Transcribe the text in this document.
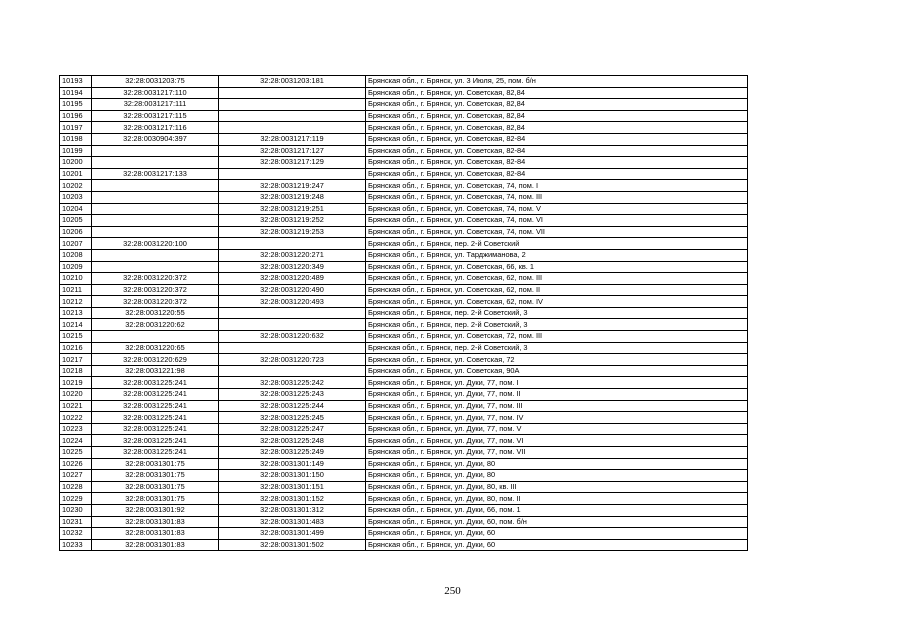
10193	32:28:0031203:75	32:28:0031203:181	Брянская обл., г. Брянск, ул. 3 Июля, 25, пом. б/н
10194	32:28:0031217:110		Брянская обл., г. Брянск, ул. Советская, 82,84
10195	32:28:0031217:111		Брянская обл., г. Брянск, ул. Советская, 82,84
10196	32:28:0031217:115		Брянская обл., г. Брянск, ул. Советская, 82,84
10197	32:28:0031217:116		Брянская обл., г. Брянск, ул. Советская, 82,84
10198	32:28:0030904:397	32:28:0031217:119	Брянская обл., г. Брянск, ул. Советская, 82-84
10199		32:28:0031217:127	Брянская обл., г. Брянск, ул. Советская, 82-84
10200		32:28:0031217:129	Брянская обл., г. Брянск, ул. Советская, 82-84
10201	32:28:0031217:133		Брянская обл., г. Брянск, ул. Советская, 82-84
10202		32:28:0031219:247	Брянская обл., г. Брянск, ул. Советская, 74, пом. I
10203		32:28:0031219:248	Брянская обл., г. Брянск, ул. Советская, 74, пом. III
10204		32:28:0031219:251	Брянская обл., г. Брянск, ул. Советская, 74, пом. V
10205		32:28:0031219:252	Брянская обл., г. Брянск, ул. Советская, 74, пом. VI
10206		32:28:0031219:253	Брянская обл., г. Брянск, ул. Советская, 74, пом. VII
10207	32:28:0031220:100		Брянская обл., г. Брянск, пер. 2-й Советский
10208		32:28:0031220:271	Брянская обл., г. Брянск, ул. Тарджиманова, 2
10209		32:28:0031220:349	Брянская обл., г. Брянск, ул. Советская, 66, кв. 1
10210	32:28:0031220:372	32:28:0031220:489	Брянская обл., г. Брянск, ул. Советская, 62, пом. III
10211	32:28:0031220:372	32:28:0031220:490	Брянская обл., г. Брянск, ул. Советская, 62, пом. II
10212	32:28:0031220:372	32:28:0031220:493	Брянская обл., г. Брянск, ул. Советская, 62, пом. IV
10213	32:28:0031220:55		Брянская обл., г. Брянск, пер. 2-й Советский, 3
10214	32:28:0031220:62		Брянская обл., г. Брянск, пер. 2-й Советский, 3
10215		32:28:0031220:632	Брянская обл., г. Брянск, ул. Советская, 72, пом. III
10216	32:28:0031220:65		Брянская обл., г. Брянск, пер. 2-й Советский, 3
10217	32:28:0031220:629	32:28:0031220:723	Брянская обл., г. Брянск, ул. Советская, 72
10218	32:28:0031221:98		Брянская обл., г. Брянск, ул. Советская, 90А
10219	32:28:0031225:241	32:28:0031225:242	Брянская обл., г. Брянск, ул. Дуки, 77, пом. I
10220	32:28:0031225:241	32:28:0031225:243	Брянская обл., г. Брянск, ул. Дуки, 77, пом. II
10221	32:28:0031225:241	32:28:0031225:244	Брянская обл., г. Брянск, ул. Дуки, 77, пом. III
10222	32:28:0031225:241	32:28:0031225:245	Брянская обл., г. Брянск, ул. Дуки, 77, пом. IV
10223	32:28:0031225:241	32:28:0031225:247	Брянская обл., г. Брянск, ул. Дуки, 77, пом. V
10224	32:28:0031225:241	32:28:0031225:248	Брянская обл., г. Брянск, ул. Дуки, 77, пом. VI
10225	32:28:0031225:241	32:28:0031225:249	Брянская обл., г. Брянск, ул. Дуки, 77, пом. VII
10226	32:28:0031301:75	32:28:0031301:149	Брянская обл., г. Брянск, ул. Дуки, 80
10227	32:28:0031301:75	32:28:0031301:150	Брянская обл., г. Брянск, ул. Дуки, 80
10228	32:28:0031301:75	32:28:0031301:151	Брянская обл., г. Брянск, ул. Дуки, 80, кв. III
10229	32:28:0031301:75	32:28:0031301:152	Брянская обл., г. Брянск, ул. Дуки, 80, пом. II
10230	32:28:0031301:92	32:28:0031301:312	Брянская обл., г. Брянск, ул. Дуки, 66, пом. 1
10231	32:28:0031301:83	32:28:0031301:483	Брянская обл., г. Брянск, ул. Дуки, 60, пом. б/н
10232	32:28:0031301:83	32:28:0031301:499	Брянская обл., г. Брянск, ул. Дуки, 60
10233	32:28:0031301:83	32:28:0031301:502	Брянская обл., г. Брянск, ул. Дуки, 60
250
